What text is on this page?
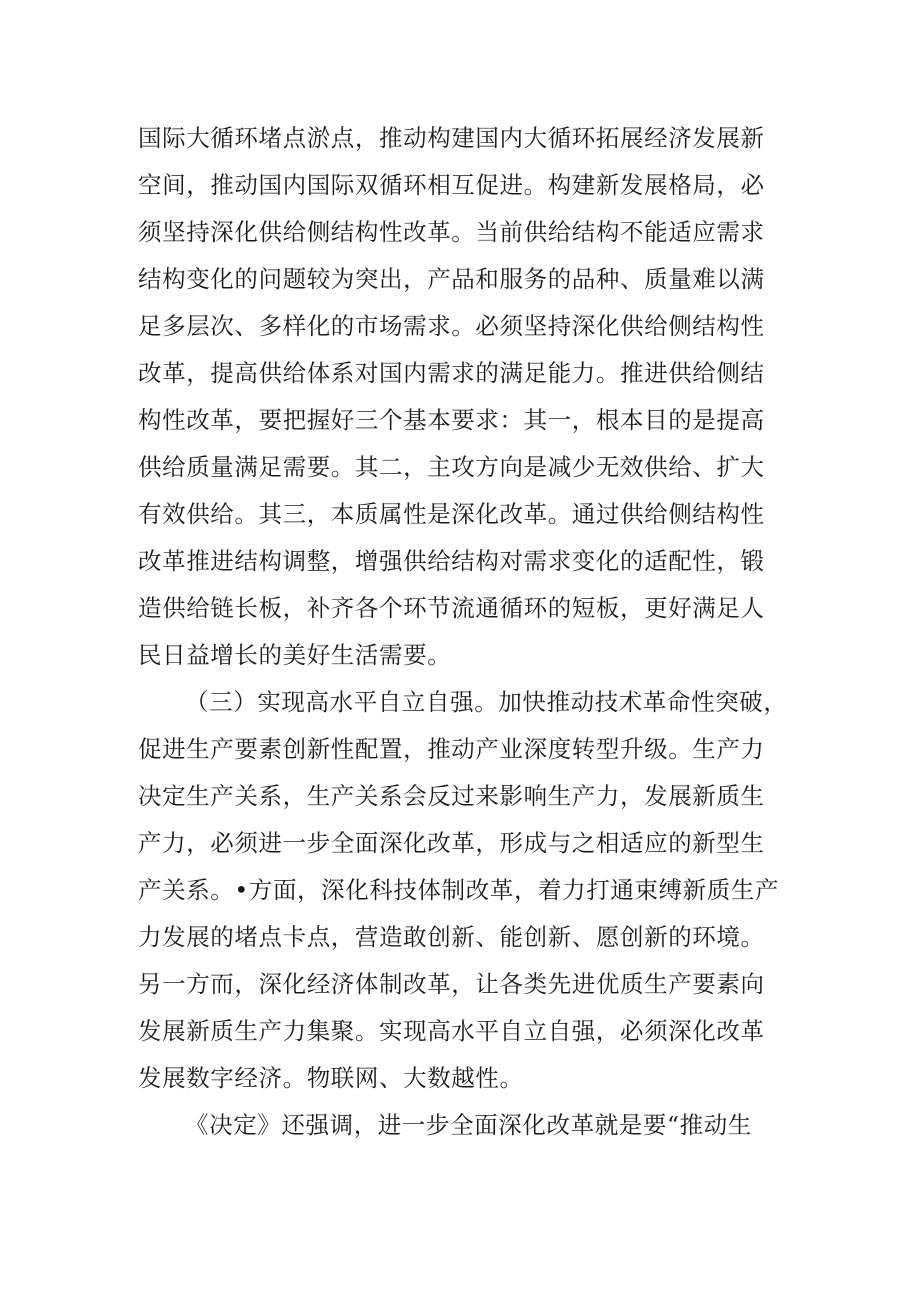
国际大循环堵点淤点，推动构建国内大循环拓展经济发展新
空间，推动国内国际双循环相互促进。构建新发展格局，必
须坚持深化供给侧结构性改革。当前供给结构不能适应需求
结构变化的问题较为突出，产品和服务的品种、质量难以满
足多层次、多样化的市场需求。必须坚持深化供给侧结构性
改革，提高供给体系对国内需求的满足能力。推进供给侧结
构性改革，要把握好三个基本要求：其一，根本目的是提高
供给质量满足需要。其二，主攻方向是减少无效供给、扩大
有效供给。其三，本质属性是深化改革。通过供给侧结构性
改革推进结构调整，增强供给结构对需求变化的适配性，锻
造供给链长板，补齐各个环节流通循环的短板，更好满足人
民日益增长的美好生活需要。
（三）实现高水平自立自强。加快推动技术革命性突破，
促进生产要素创新性配置，推动产业深度转型升级。生产力
决定生产关系，生产关系会反过来影响生产力，发展新质生
产力，必须进一步全面深化改革，形成与之相适应的新型生
产关系。•方面，深化科技体制改革，着力打通束缚新质生产
力发展的堵点卡点，营造敢创新、能创新、愿创新的环境。
另一方而，深化经济体制改革，让各类先进优质生产要素向
发展新质生产力集聚。实现高水平自立自强，必须深化改革
发展数字经济。物联网、大数越性。
《决定》还强调，进一步全面深化改革就是要“推动生
